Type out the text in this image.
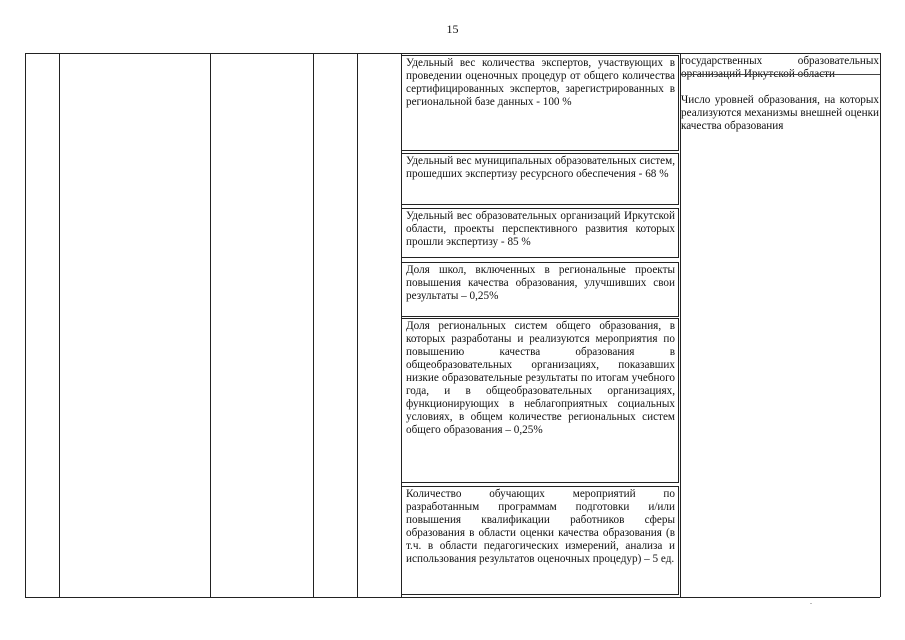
15
Удельный вес количества экспертов, участвующих в проведении оценочных процедур от общего количества сертифицированных экспертов, зарегистрированных в региональной базе данных - 100 %
Удельный вес муниципальных образовательных систем, прошедших экспертизу ресурсного обеспечения - 68 %
Удельный вес образовательных организаций Иркутской области, проекты перспективного развития которых прошли экспертизу - 85 %
Доля школ, включенных в региональные проекты повышения качества образования, улучшивших свои результаты – 0,25%
Доля региональных систем общего образования, в которых разработаны и реализуются мероприятия по повышению качества образования в общеобразовательных организациях, показавших низкие образовательные результаты по итогам учебного года, и в общеобразовательных организациях, функционирующих в неблагоприятных социальных условиях, в общем количестве региональных систем общего образования – 0,25%
Количество обучающих мероприятий по разработанным программам подготовки и/или повышения квалификации работников сферы образования в области оценки качества образования (в т.ч. в области педагогических измерений, анализа и использования результатов оценочных процедур) – 5 ед.

государственных образовательных организаций Иркутской области

Число уровней образования, на которых реализуются механизмы внешней оценки качества образования
